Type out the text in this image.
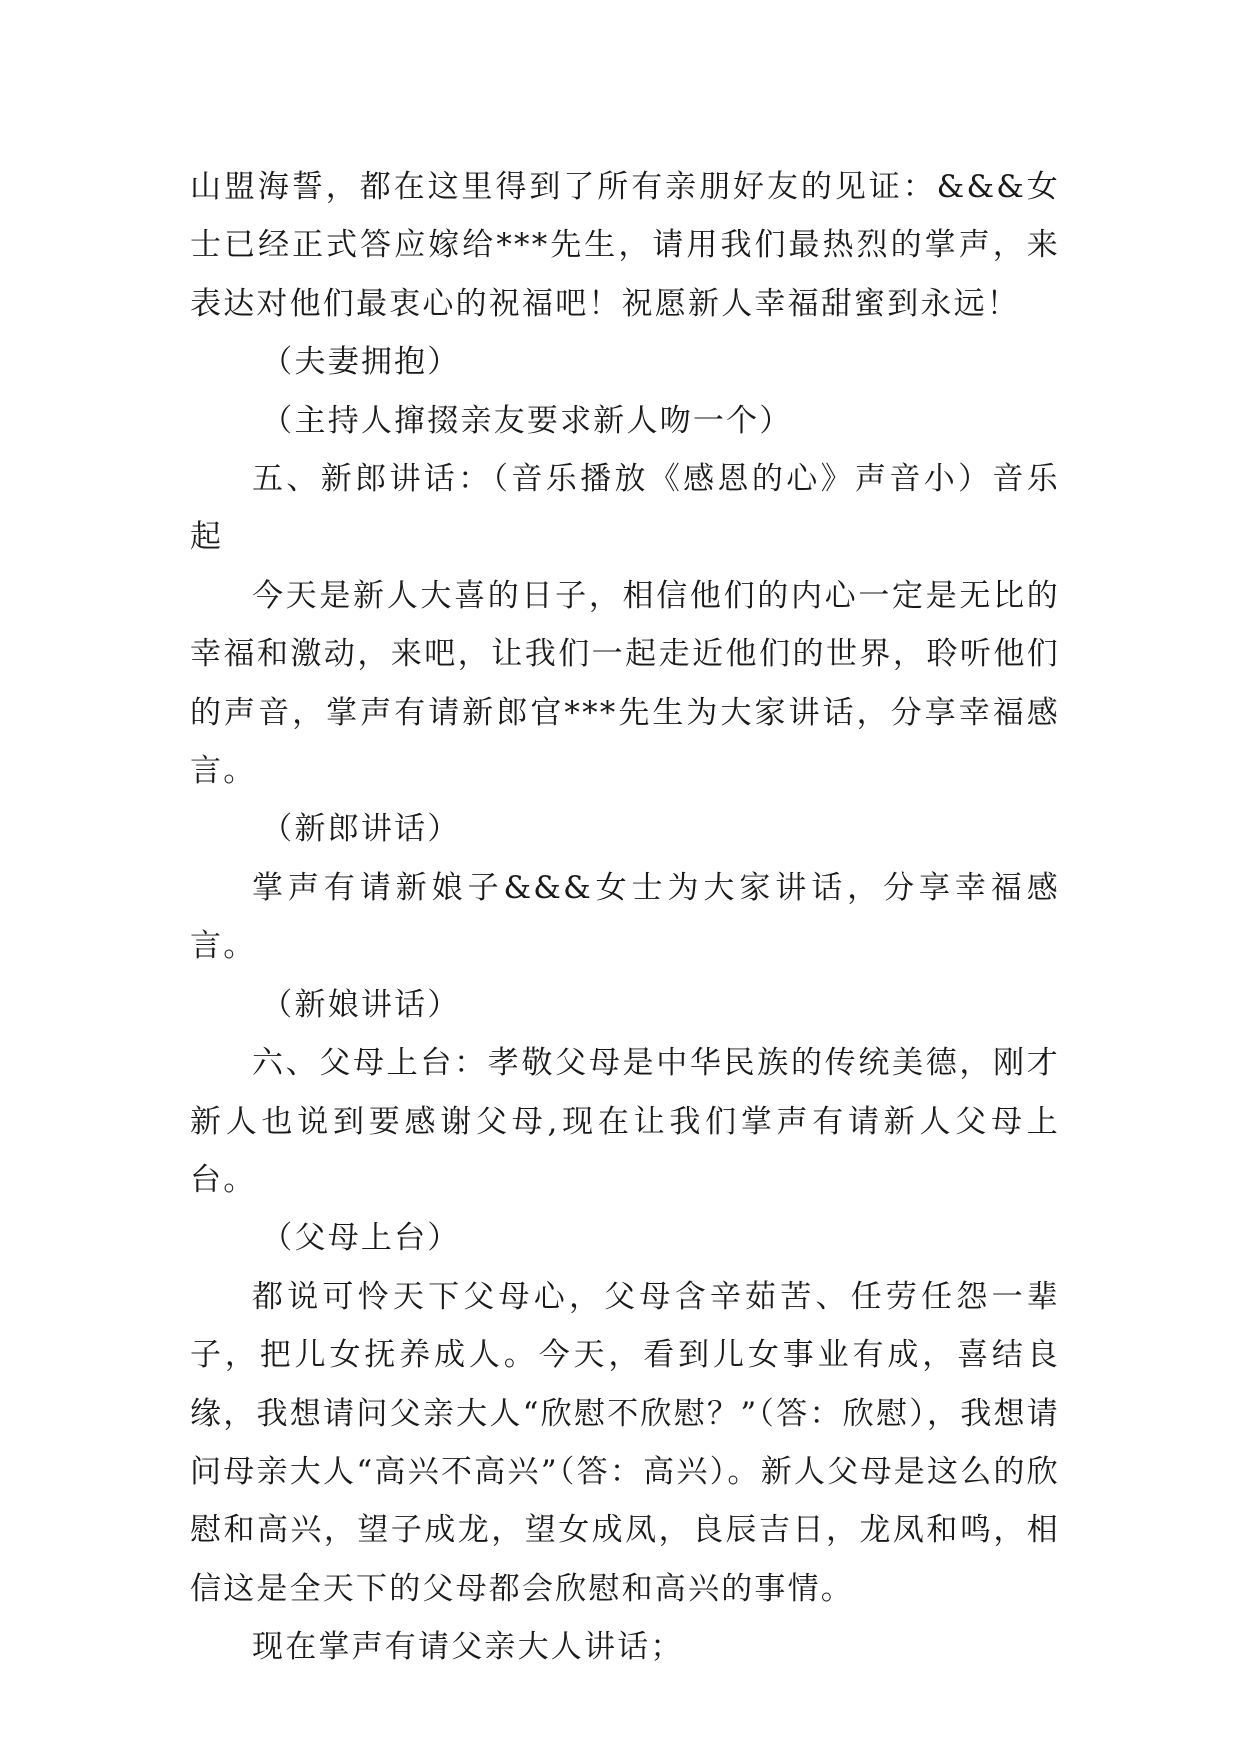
山盟海誓，都在这里得到了所有亲朋好友的见证：&&&女士已经正式答应嫁给***先生，请用我们最热烈的掌声，来表达对他们最衷心的祝福吧！祝愿新人幸福甜蜜到永远！

（夫妻拥抱）

（主持人撺掇亲友要求新人吻一个）

五、新郎讲话：（音乐播放《感恩的心》声音小）音乐起

今天是新人大喜的日子，相信他们的内心一定是无比的幸福和激动，来吧，让我们一起走近他们的世界，聆听他们的声音，掌声有请新郎官***先生为大家讲话，分享幸福感言。

（新郎讲话）

掌声有请新娘子&&&女士为大家讲话，分享幸福感言。

（新娘讲话）

六、父母上台：孝敬父母是中华民族的传统美德，刚才新人也说到要感谢父母,现在让我们掌声有请新人父母上台。

（父母上台）

都说可怜天下父母心，父母含辛茹苦、任劳任怨一辈子，把儿女抚养成人。今天，看到儿女事业有成，喜结良缘，我想请问父亲大人“欣慰不欣慰？”（答：欣慰），我想请问母亲大人“高兴不高兴”（答：高兴）。新人父母是这么的欣慰和高兴，望子成龙，望女成凤，良辰吉日，龙凤和鸣，相信这是全天下的父母都会欣慰和高兴的事情。

现在掌声有请父亲大人讲话；
